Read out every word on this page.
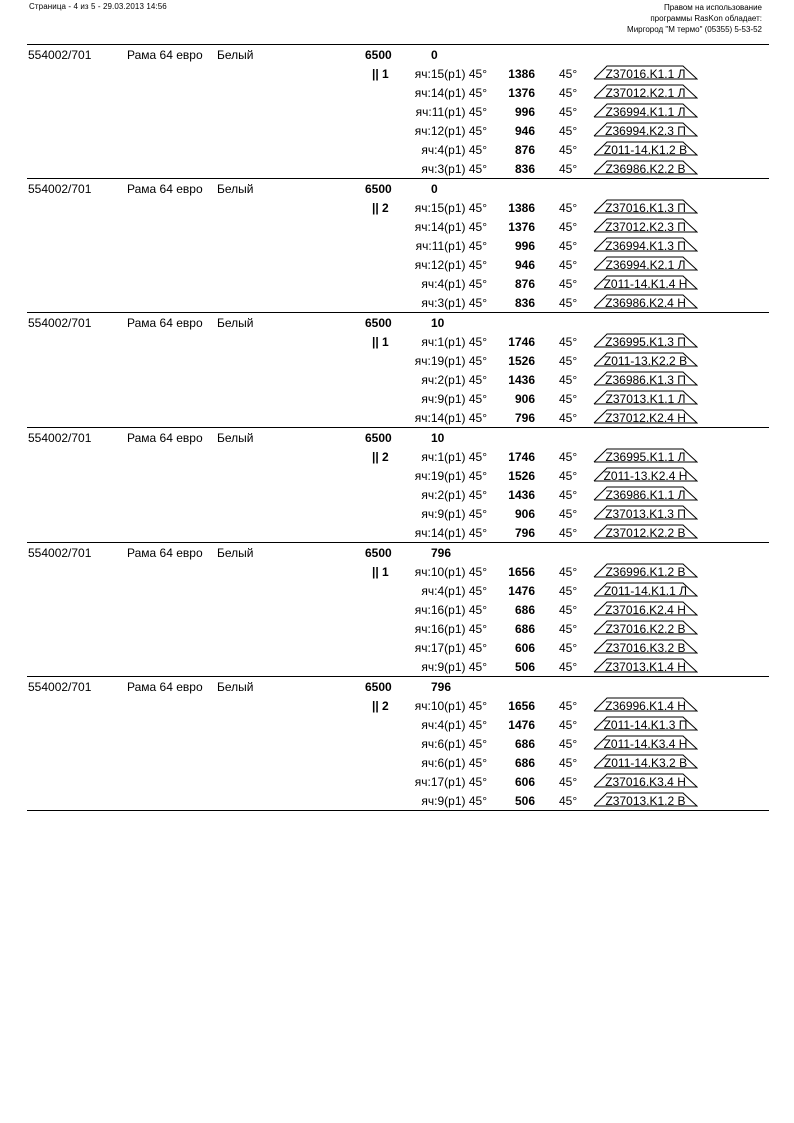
Страница - 4 из 5 - 29.03.2013 14:56	Правом на использование
программы RasKon обладает:
Миргород "M термо" (05355) 5-53-52
554002/701	Рама 64 евро Белый	6500	0
|| 1 яч:15(р1) 45°	1386 45°	Z37016.K1.1 Л
яч:14(р1) 45°	1376 45°	Z37012.K2.1 Л
яч:11(р1) 45°	996 45°	Z36994.K1.1 Л
яч:12(р1) 45°	946 45°	Z36994.K2.3 П
яч:4(р1) 45°	876 45°	Z011-14.K1.2 В
яч:3(р1) 45°	836 45°	Z36986.K2.2 В
554002/701	Рама 64 евро Белый	6500	0
|| 2 яч:15(р1) 45°	1386 45°	Z37016.K1.3 П
яч:14(р1) 45°	1376 45°	Z37012.K2.3 П
яч:11(р1) 45°	996 45°	Z36994.K1.3 П
яч:12(р1) 45°	946 45°	Z36994.K2.1 Л
яч:4(р1) 45°	876 45°	Z011-14.K1.4 Н
яч:3(р1) 45°	836 45°	Z36986.K2.4 Н
554002/701	Рама 64 евро Белый	6500	10
|| 1	яч:1(р1) 45°	1746 45°	Z36995.K1.3 П
яч:19(р1) 45°	1526 45°	Z011-13.K2.2 В
яч:2(р1) 45°	1436 45°	Z36986.K1.3 П
яч:9(р1) 45°	906 45°	Z37013.K1.1 Л
яч:14(р1) 45°	796 45°	Z37012.K2.4 Н
554002/701	Рама 64 евро Белый	6500	10
|| 2	яч:1(р1) 45°	1746 45°	Z36995.K1.1 Л
яч:19(р1) 45°	1526 45°	Z011-13.K2.4 Н
яч:2(р1) 45°	1436 45°	Z36986.K1.1 Л
яч:9(р1) 45°	906 45°	Z37013.K1.3 П
яч:14(р1) 45°	796 45°	Z37012.K2.2 В
554002/701	Рама 64 евро Белый	6500	796
|| 1 яч:10(р1) 45°	1656 45°	Z36996.K1.2 В
яч:4(р1) 45°	1476 45°	Z011-14.K1.1 Л
яч:16(р1) 45°	686 45°	Z37016.K2.4 Н
яч:16(р1) 45°	686 45°	Z37016.K2.2 В
яч:17(р1) 45°	606 45°	Z37016.K3.2 В
яч:9(р1) 45°	506 45°	Z37013.K1.4 Н
554002/701	Рама 64 евро Белый	6500	796
|| 2 яч:10(р1) 45°	1656 45°	Z36996.K1.4 Н
яч:4(р1) 45°	1476 45°	Z011-14.K1.3 П
яч:6(р1) 45°	686 45°	Z011-14.K3.4 Н
яч:6(р1) 45°	686 45°	Z011-14.K3.2 В
яч:17(р1) 45°	606 45°	Z37016.K3.4 Н
яч:9(р1) 45°	506 45°	Z37013.K1.2 В
